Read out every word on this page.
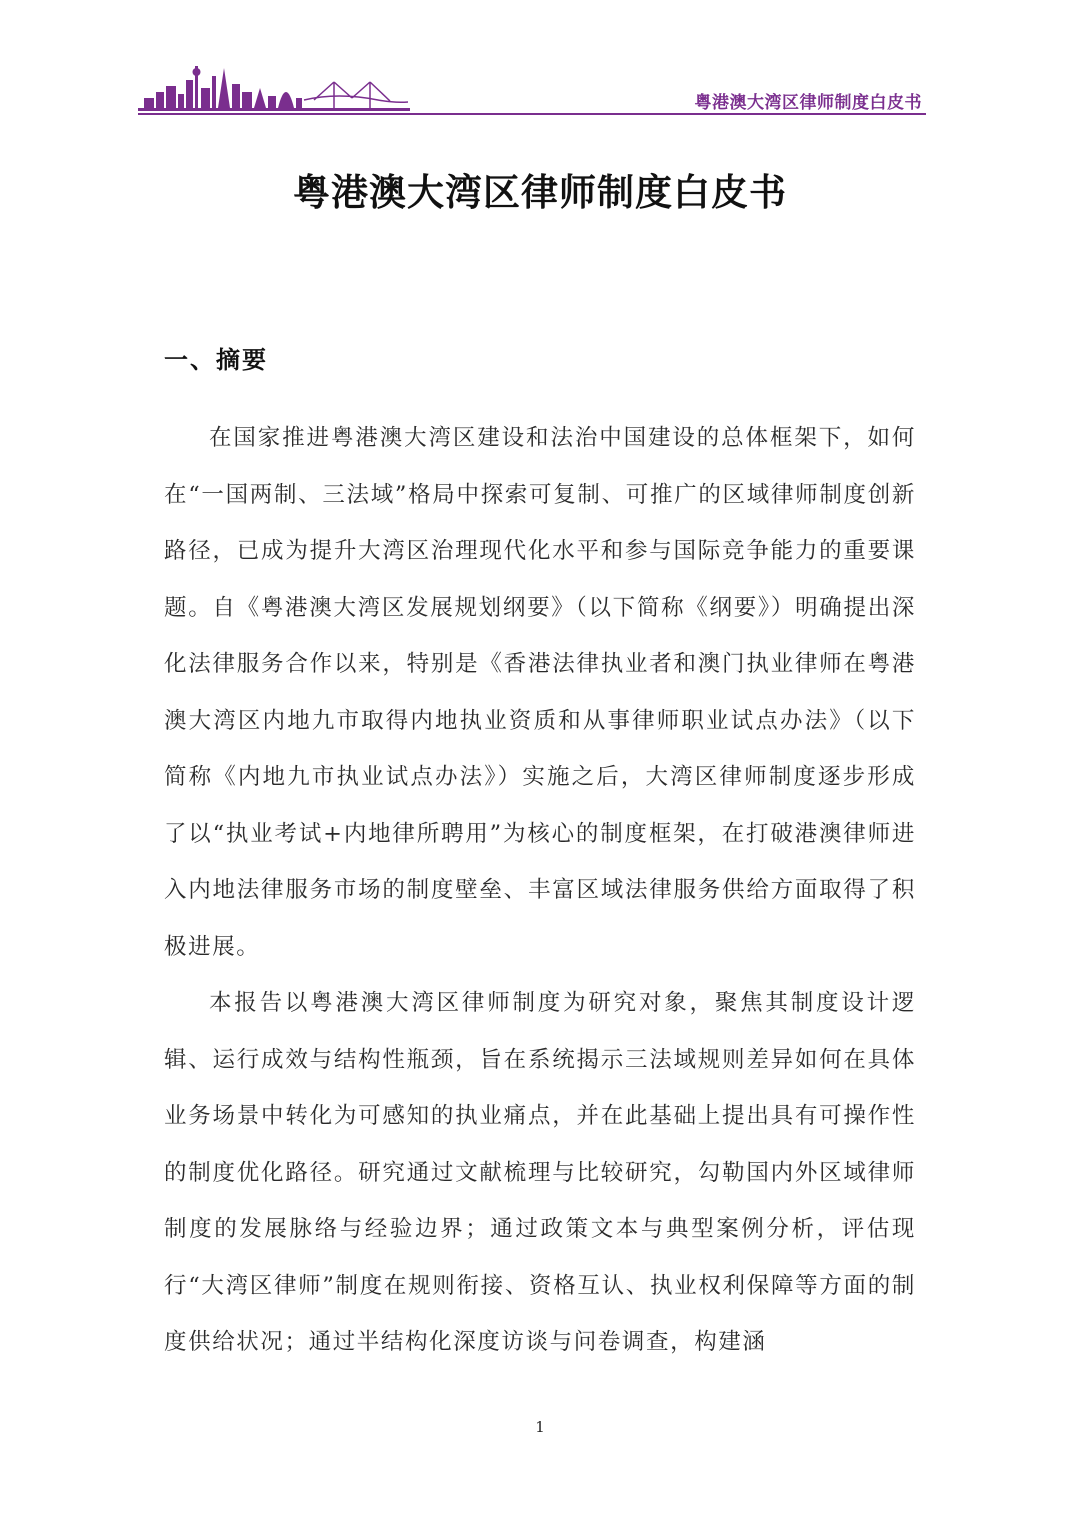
粤港澳大湾区律师制度白皮书
粤港澳大湾区律师制度白皮书
一、摘要

在国家推进粤港澳大湾区建设和法治中国建设的总体框架下，如何在“一国两制、三法域”格局中探索可复制、可推广的区域律师制度创新路径，已成为提升大湾区治理现代化水平和参与国际竞争能力的重要课题。自《粤港澳大湾区发展规划纲要》（以下简称《纲要》）明确提出深化法律服务合作以来，特别是《香港法律执业者和澳门执业律师在粤港澳大湾区内地九市取得内地执业资质和从事律师职业试点办法》（以下简称《内地九市执业试点办法》）实施之后，大湾区律师制度逐步形成了以“执业考试+内地律所聘用”为核心的制度框架，在打破港澳律师进入内地法律服务市场的制度壁垒、丰富区域法律服务供给方面取得了积极进展。

本报告以粤港澳大湾区律师制度为研究对象，聚焦其制度设计逻辑、运行成效与结构性瓶颈，旨在系统揭示三法域规则差异如何在具体业务场景中转化为可感知的执业痛点，并在此基础上提出具有可操作性的制度优化路径。研究通过文献梳理与比较研究，勾勒国内外区域律师制度的发展脉络与经验边界；通过政策文本与典型案例分析，评估现行“大湾区律师”制度在规则衔接、资格互认、执业权利保障等方面的制度供给状况；通过半结构化深度访谈与问卷调查，构建涵

1
